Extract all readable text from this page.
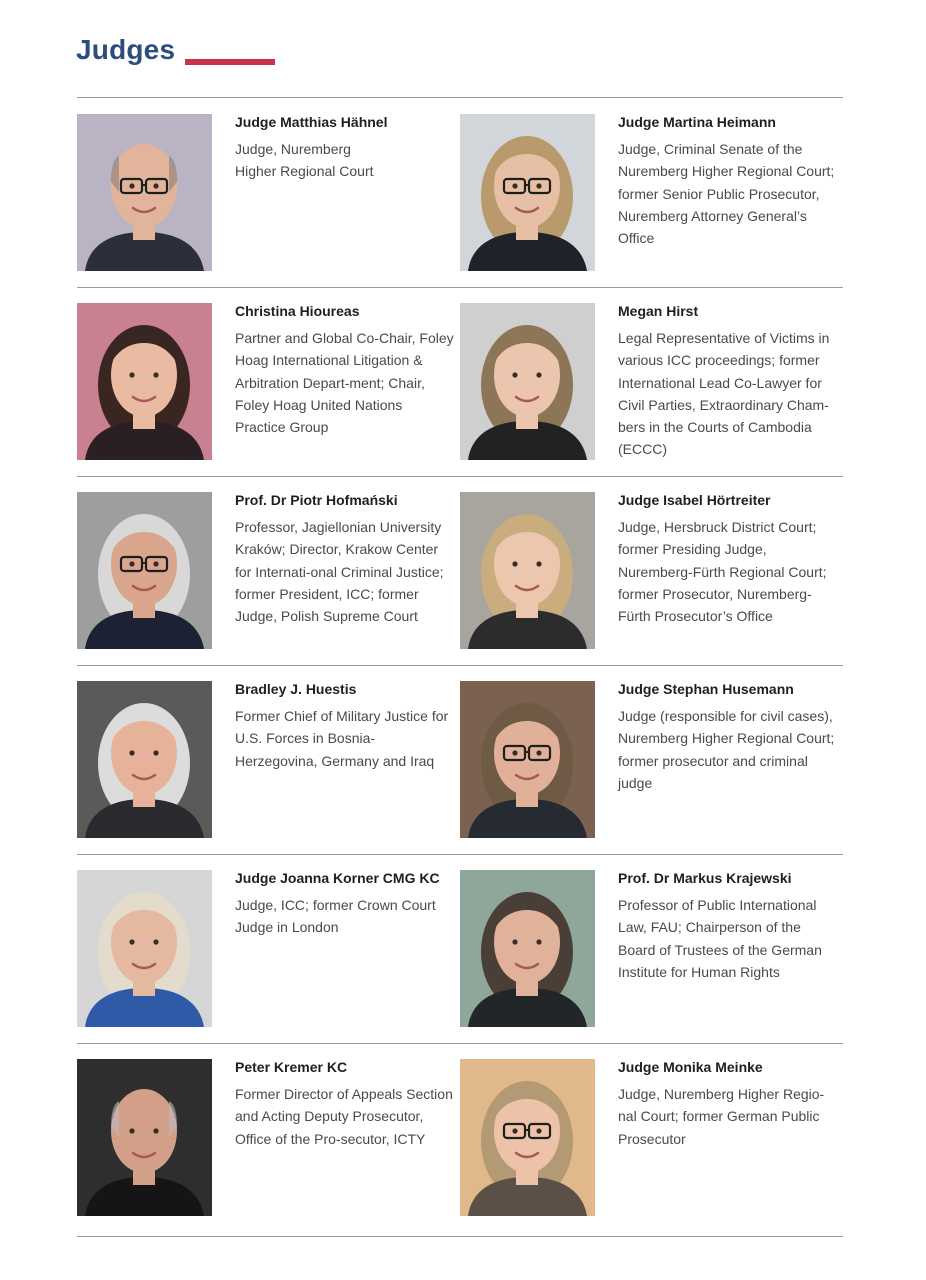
Judges
Judge Matthias Hähnel
Judge, Nuremberg
Higher Regional Court
Judge Martina Heimann
Judge, Criminal Senate of the Nuremberg Higher Regional Court; former Senior Public Prosecutor, Nuremberg Attorney General’s Office
Christina Hioureas
Partner and Global Co-Chair, Foley Hoag International Litigation & Arbitration Depart-ment; Chair, Foley Hoag United Nations Practice Group
Megan Hirst
Legal Representative of Victims in various ICC proceedings; former International Lead Co-Lawyer for Civil Parties, Extraordinary Cham-bers in the Courts of Cambodia (ECCC)
Prof. Dr Piotr Hofmański
Professor, Jagiellonian University Kraków; Director, Krakow Center for Internati-onal Criminal Justice; former President, ICC; former Judge, Polish Supreme Court
Judge Isabel Hörtreiter
Judge, Hersbruck District Court; former Presiding Judge, Nuremberg-Fürth Regional Court; former Prosecutor, Nuremberg-Fürth Prosecutor’s Office
Bradley J. Huestis
Former Chief of Military Justice for U.S. Forces in Bosnia-Herzegovina, Germany and Iraq
Judge Stephan Husemann
Judge (responsible for civil cases), Nuremberg Higher Regional Court; former prosecutor and criminal judge
Judge Joanna Korner CMG KC
Judge, ICC; former Crown Court Judge in London
Prof. Dr Markus Krajewski
Professor of Public International Law, FAU; Chairperson of the Board of Trustees of the German Institute for Human Rights
Peter Kremer KC
Former Director of Appeals Section and Acting Deputy Prosecutor, Office of the Pro-secutor, ICTY
Judge Monika Meinke
Judge, Nuremberg Higher Regio-nal Court; former German Public Prosecutor
